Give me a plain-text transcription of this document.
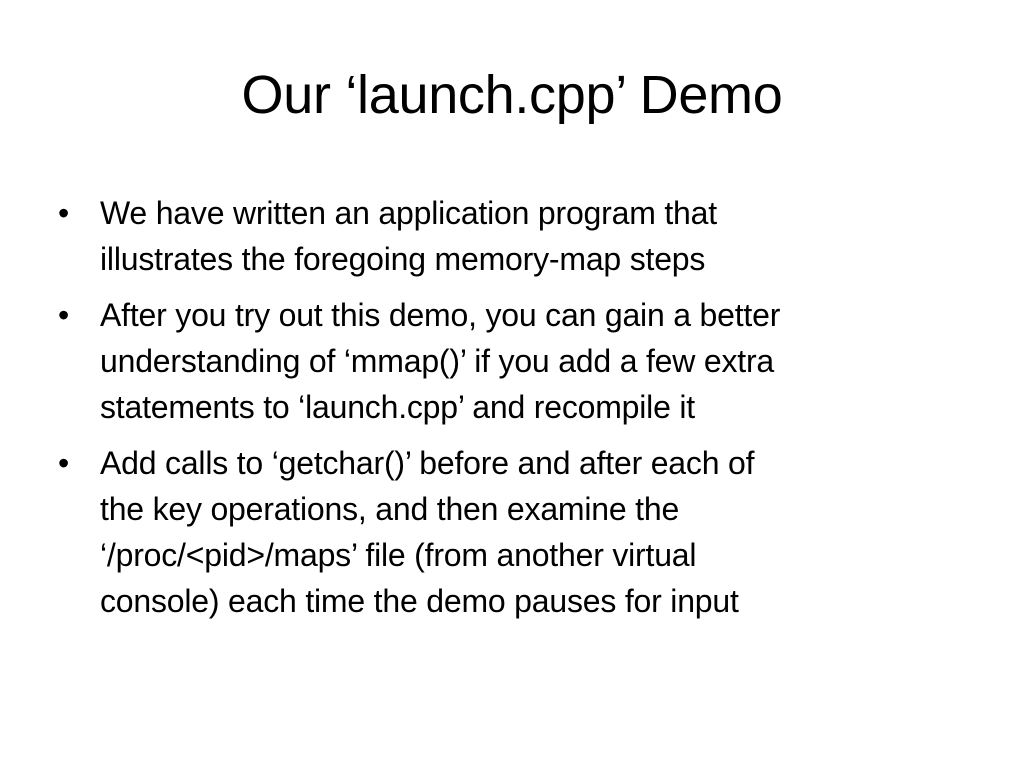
Our ‘launch.cpp’ Demo
• We have written an application program that
illustrates the foregoing memory-map steps
• After you try out this demo, you can gain a better
understanding of ‘mmap()’ if you add a few extra
statements to ‘launch.cpp’ and recompile it
• Add calls to ‘getchar()’ before and after each of
the key operations, and then examine the
‘/proc/<pid>/maps’ file (from another virtual
console) each time the demo pauses for input
